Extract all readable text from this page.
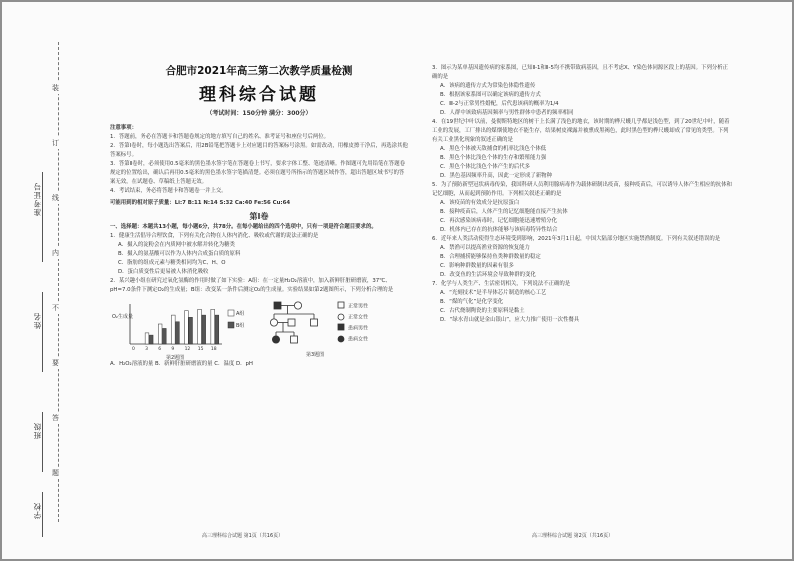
准考证号
姓名
班级
学校
装
订
线
内
不
要
答
题
合肥市2021年高三第二次教学质量检测
理科综合试题
（考试时间：150分钟 满分：300分）

注意事项：

1．答题前，务必在答题卡和答题卷规定的地方填写自己的姓名、准考证号和座位号后两位。

2．答第Ⅰ卷时，每小题选出答案后，用2B铅笔把答题卡上对应题目的答案标号涂黑。如需改动，用橡皮擦干净后，再选涂其他答案标号。

3．答第Ⅱ卷时，必须使用0.5毫米的黑色墨水签字笔在答题卷上书写，要求字体工整、笔迹清晰。作图题可先用铅笔在答题卷规定的位置绘出，确认后再用0.5毫米的黑色墨水签字笔描清楚。必须在题号所指示的答题区域作答，超出答题区域书写的答案无效，在试题卷、草稿纸上答题无效。

4．考试结束，务必将答题卡和答题卷一并上交。

可能用到的相对原子质量：Li:7 B:11 N:14 S:32 Ca:40 Fe:56 Cu:64

第Ⅰ卷

一、选择题：本题共13小题，每小题6分，共78分。在每小题给出的四个选项中，只有一项是符合题目要求的。

1．健康生活倡导合理饮食，下列有关化合物在人体内消化、吸收或代谢的说法正确的是

A．摄入的淀粉会在内质网中被水解并转化为糖类

B．摄入的氨基酸可以作为人体内合成蛋白质的原料

C．脂肪的组成元素与糖类相同均为C、H、O

D．蛋白质变性后更易被人体消化吸收

2．某兴趣小组在研究过氧化氢酶的作用时做了如下实验：A组：在一定量H₂O₂溶液中，加入新鲜肝脏研磨液，37℃、pH=7.0条件下测定O₂的生成量；B组：改变某一条件后测定O₂的生成量。实验结果如第2题图所示，下列分析合理的是

O₂生成量
0 3 6 9 12 15 18
A组
B组
第2题图
正常男性
正常女性
患病男性
患病女性
第3题图

A．H₂O₂溶液的量 B．新鲜肝脏研磨液的量 C．温度 D．pH

高三理科综合试题 第1页（共16页）

3．图示为某单基因遗传病的家系图，已知Ⅱ-1和Ⅱ-5均不携带致病基因，且不考虑X、Y染色体同源区段上的基因。下列分析正确的是

A．该病的遗传方式为常染色体隐性遗传

B．根据该家系图可以确定该病的遗传方式

C．Ⅲ-2与正常男性婚配，后代患该病的概率为1/4

D．人群中该致病基因频率与男性群体中患者的频率相同

4．在19世纪中叶以前，曼彻斯特地区的树干上长满了浅色的地衣，该时期的桦尺蠖几乎都是浅色型，到了20世纪中叶，随着工业的发展，工厂排出的煤烟使地衣不能生存，结果树皮裸露并被熏成黑褐色，此时黑色型的桦尺蠖却成了常见的类型。下列有关工业黑化现象的叙述正确的是

A．黑色个体被天敌捕食的机率比浅色个体低

B．黑色个体比浅色个体的生存和繁殖能力强

C．黑色个体比浅色个体产生的后代多

D．黑色基因频率升高，因此一定形成了新物种

5．为了预防新型冠状病毒传染，我国科研人员利用腺病毒作为载体研制出疫苗，接种疫苗后，可以诱导人体产生相应的抗体和记忆细胞，从而起到预防作用。下列相关叙述正确的是

A．该疫苗的有效成分是抗原蛋白

B．接种疫苗后，人体产生的记忆细胞能直接产生抗体

C．再次感染该病毒时，记忆细胞能迅速增殖分化

D．机体内已存在的抗体能够与该病毒特异性结合

6．近年来人类活动使得生态环境受到影响，2021年3月1日起，中国大陆部分地区实施禁渔制度。下列有关叙述错误的是

A．禁渔可以提高渔业资源的恢复能力

B．合理捕捞能够保持鱼类种群数量的稳定

C．影响种群数量的因素有很多

D．改变鱼的生活环境会导致种群的变化

7．化学与人类生产、生活密切相关，下列说法不正确的是

A．“光刻技术”是半导体芯片制造的核心工艺

B．“煤的气化”是化学变化

C．古代烧制陶瓷的主要原料是黏土

D．“绿水青山就是金山银山”，应大力推广使用一次性餐具

高三理科综合试题 第2页（共16页）
